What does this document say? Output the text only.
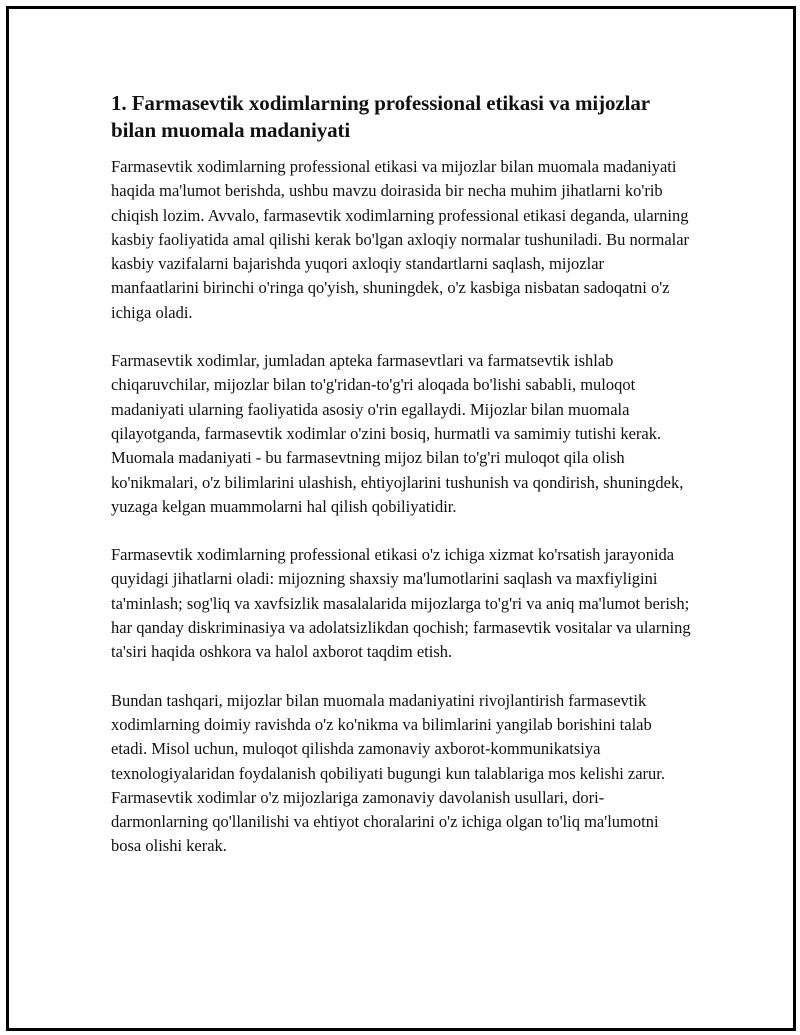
1. Farmasevtik xodimlarning professional etikasi va mijozlar bilan muomala madaniyati

Farmasevtik xodimlarning professional etikasi va mijozlar bilan muomala madaniyati haqida ma'lumot berishda, ushbu mavzu doirasida bir necha muhim jihatlarni ko'rib chiqish lozim. Avvalo, farmasevtik xodimlarning professional etikasi deganda, ularning kasbiy faoliyatida amal qilishi kerak bo'lgan axloqiy normalar tushuniladi. Bu normalar kasbiy vazifalarni bajarishda yuqori axloqiy standartlarni saqlash, mijozlar manfaatlarini birinchi o'ringa qo'yish, shuningdek, o'z kasbiga nisbatan sadoqatni o'z ichiga oladi.

Farmasevtik xodimlar, jumladan apteka farmasevtlari va farmatsevtik ishlab chiqaruvchilar, mijozlar bilan to'g'ridan-to'g'ri aloqada bo'lishi sababli, muloqot madaniyati ularning faoliyatida asosiy o'rin egallaydi. Mijozlar bilan muomala qilayotganda, farmasevtik xodimlar o'zini bosiq, hurmatli va samimiy tutishi kerak. Muomala madaniyati - bu farmasevtning mijoz bilan to'g'ri muloqot qila olish ko'nikmalari, o'z bilimlarini ulashish, ehtiyojlarini tushunish va qondirish, shuningdek, yuzaga kelgan muammolarni hal qilish qobiliyatidir.

Farmasevtik xodimlarning professional etikasi o'z ichiga xizmat ko'rsatish jarayonida quyidagi jihatlarni oladi: mijozning shaxsiy ma'lumotlarini saqlash va maxfiyligini ta'minlash; sog'liq va xavfsizlik masalalarida mijozlarga to'g'ri va aniq ma'lumot berish; har qanday diskriminasiya va adolatsizlikdan qochish; farmasevtik vositalar va ularning ta'siri haqida oshkora va halol axborot taqdim etish.

Bundan tashqari, mijozlar bilan muomala madaniyatini rivojlantirish farmasevtik xodimlarning doimiy ravishda o'z ko'nikma va bilimlarini yangilab borishini talab etadi. Misol uchun, muloqot qilishda zamonaviy axborot-kommunikatsiya texnologiyalaridan foydalanish qobiliyati bugungi kun talablariga mos kelishi zarur. Farmasevtik xodimlar o'z mijozlariga zamonaviy davolanish usullari, dori-darmonlarning qo'llanilishi va ehtiyot choralarini o'z ichiga olgan to'liq ma'lumotni bosa olishi kerak.
